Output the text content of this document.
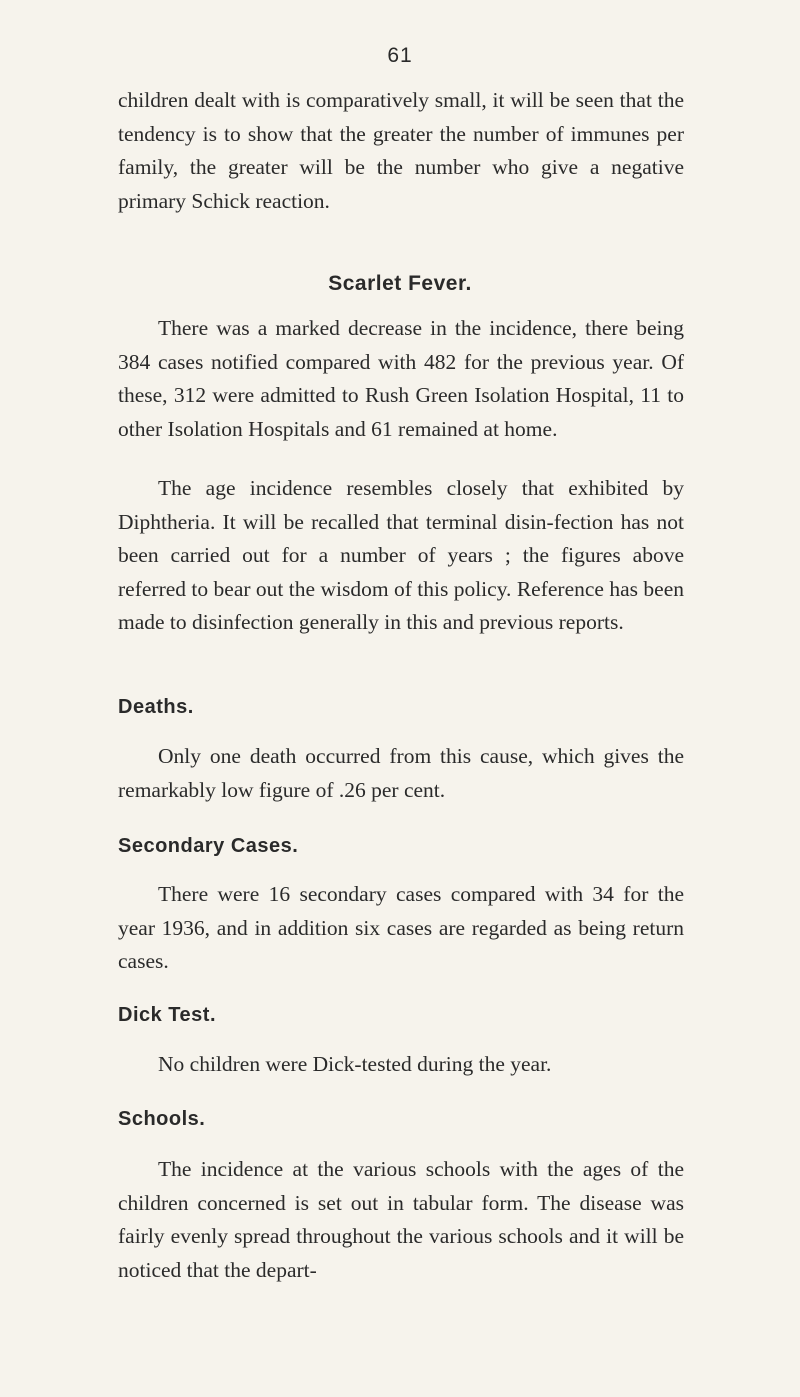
61

children dealt with is comparatively small, it will be seen that the tendency is to show that the greater the number of immunes per family, the greater will be the number who give a negative primary Schick reaction.

Scarlet Fever.

There was a marked decrease in the incidence, there being 384 cases notified compared with 482 for the previous year. Of these, 312 were admitted to Rush Green Isolation Hospital, 11 to other Isolation Hospitals and 61 remained at home.

The age incidence resembles closely that exhibited by Diphtheria. It will be recalled that terminal disin-fection has not been carried out for a number of years ; the figures above referred to bear out the wisdom of this policy. Reference has been made to disinfection generally in this and previous reports.

Deaths.

Only one death occurred from this cause, which gives the remarkably low figure of .26 per cent.

Secondary Cases.

There were 16 secondary cases compared with 34 for the year 1936, and in addition six cases are regarded as being return cases.

Dick Test.

No children were Dick-tested during the year.

Schools.

The incidence at the various schools with the ages of the children concerned is set out in tabular form. The disease was fairly evenly spread throughout the various schools and it will be noticed that the depart-
